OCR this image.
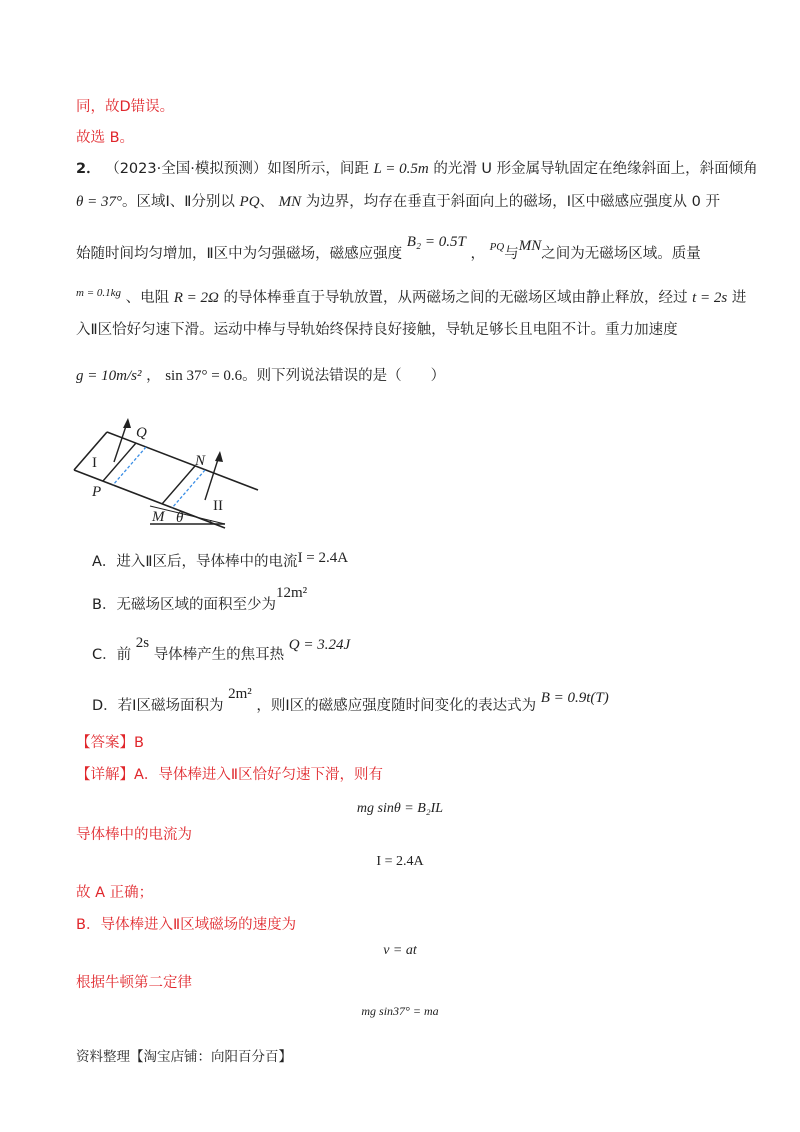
同，故D错误。
故选 B。
2． （2023·全国·模拟预测）如图所示，间距 L = 0.5m 的光滑 U 形金属导轨固定在绝缘斜面上，斜面倾角
θ = 37°。区域Ⅰ、Ⅱ分别以 PQ、 MN 为边界，均存在垂直于斜面向上的磁场，Ⅰ区中磁感应强度从 0 开
始随时间均匀增加，Ⅱ区中为匀强磁场，磁感应强度 B₂ = 0.5T ， $^{PQ}$与MN之间为无磁场区域。质量
$^{m = 0.1kg}$ 、电阻 R = 2Ω 的导体棒垂直于导轨放置，从两磁场之间的无磁场区域由静止释放，经过 t = 2s 进
入Ⅱ区恰好匀速下滑。运动中棒与导轨始终保持良好接触，导轨足够长且电阻不计。重力加速度
g = 10m/s² ， sin 37° = 0.6。则下列说法错误的是（　　）
Q
I	N
P
II
M θ
A．进入Ⅱ区后，导体棒中的电流I = 2.4A
B．无磁场区域的面积至少为12m²
C．前 2s 导体棒产生的焦耳热 Q = 3.24J
D．若Ⅰ区磁场面积为 2m² ，则Ⅰ区的磁感应强度随时间变化的表达式为 B = 0.9t(T)
【答案】B
【详解】A．导体棒进入Ⅱ区恰好匀速下滑，则有
mg sinθ = B₂IL
导体棒中的电流为
I = 2.4A
故 A 正确；
B．导体棒进入Ⅱ区域磁场的速度为
v = at
根据牛顿第二定律
mg sin37° = ma
资料整理【淘宝店铺：向阳百分百】
